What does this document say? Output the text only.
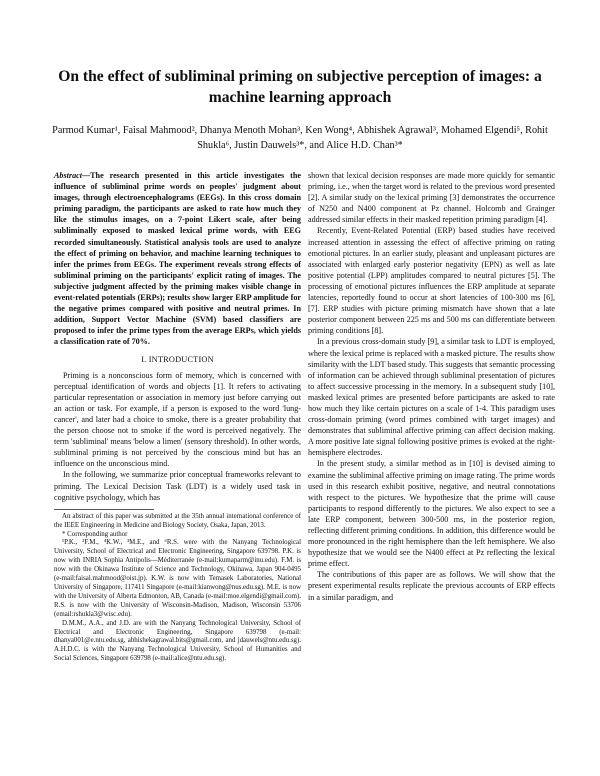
On the effect of subliminal priming on subjective perception of images: a machine learning approach
Parmod Kumar¹, Faisal Mahmood², Dhanya Menoth Mohan³, Ken Wong⁴, Abhishek Agrawal³, Mohamed Elgendi⁵, Rohit Shukla⁶, Justin Dauwels³*, and Alice H.D. Chan³*

Abstract—The research presented in this article investigates the influence of subliminal prime words on peoples' judgment about images, through electroencephalograms (EEGs). In this cross domain priming paradigm, the participants are asked to rate how much they like the stimulus images, on a 7-point Likert scale, after being subliminally exposed to masked lexical prime words, with EEG recorded simultaneously. Statistical analysis tools are used to analyze the effect of priming on behavior, and machine learning techniques to infer the primes from EEGs. The experiment reveals strong effects of subliminal priming on the participants' explicit rating of images. The subjective judgment affected by the priming makes visible change in event-related potentials (ERPs); results show larger ERP amplitude for the negative primes compared with positive and neutral primes. In addition, Support Vector Machine (SVM) based classifiers are proposed to infer the prime types from the average ERPs, which yields a classification rate of 70%.

I. INTRODUCTION

Priming is a nonconscious form of memory, which is concerned with perceptual identification of words and objects [1]. It refers to activating particular representation or association in memory just before carrying out an action or task. For example, if a person is exposed to the word 'lung-cancer', and later had a choice to smoke, there is a greater probability that the person choose not to smoke if the word is perceived negatively. The term 'subliminal' means 'below a limen' (sensory threshold). In other words, subliminal priming is not perceived by the conscious mind but has an influence on the unconscious mind.

In the following, we summarize prior conceptual frameworks relevant to priming. The Lexical Decision Task (LDT) is a widely used task in cognitive psychology, which has

An abstract of this paper was submitted at the 35th annual international conference of the IEEE Engineering in Medicine and Biology Society, Osaka, Japan, 2013.

* Corresponding author

¹P.K., ²F.M., ⁴K.W., ³M.E., and ⁶R.S. were with the Nanyang Technological University, School of Electrical and Electronic Engineering, Singapore 639798. P.K. is now with INRIA Sophia Antipolis—Méditerranée (e-mail:kumaparm@inu.edu). F.M. is now with the Okinawa Institute of Science and Technology, Okinawa, Japan 904-0495 (e-mail:faisal.mahmood@oist.jp). K.W. is now with Temasek Laboratories, National University of Singapore, 117411 Singapore (e-mail:kianwong@nus.edu.sg). M.E. is now with the University of Alberta Edmonton, AB, Canada (e-mail:moe.elgendi@gmail.com). R.S. is now with the University of Wisconsin-Madison, Madison, Wisconsin 53706 (email:rshukla3@wisc.edu).

D.M.M., A.A., and J.D. are with the Nanyang Technological University, School of Electrical and Electronic Engineering, Singapore 639798 (e-mail: dhanya001@e.ntu.edu.sg, abhishekagrawal.bits@gmail.com, and jdauwels@ntu.edu.sg). A.H.D.C. is with the Nanyang Technological University, School of Humanities and Social Sciences, Singapore 639798 (e-mail:alice@ntu.edu.sg).

shown that lexical decision responses are made more quickly for semantic priming, i.e., when the target word is related to the previous word presented [2]. A similar study on the lexical priming [3] demonstrates the occurrence of N250 and N400 component at Pz channel. Holcomb and Grainger addressed similar effects in their masked repetition priming paradigm [4].

Recently, Event-Related Potential (ERP) based studies have received increased attention in assessing the effect of affective priming on rating emotional pictures. In an earlier study, pleasant and unpleasant pictures are associated with enlarged early posterior negativity (EPN) as well as late positive potential (LPP) amplitudes compared to neutral pictures [5]. The processing of emotional pictures influences the ERP amplitude at separate latencies, reportedly found to occur at short latencies of 100-300 ms [6], [7]. ERP studies with picture priming mismatch have shown that a late posterior component between 225 ms and 500 ms can differentiate between priming conditions [8].

In a previous cross-domain study [9], a similar task to LDT is employed, where the lexical prime is replaced with a masked picture. The results show similarity with the LDT based study. This suggests that semantic processing of information can be achieved through subliminal presentation of pictures to affect successive processing in the memory. In a subsequent study [10], masked lexical primes are presented before participants are asked to rate how much they like certain pictures on a scale of 1-4. This paradigm uses cross-domain priming (word primes combined with target images) and demonstrates that subliminal affective priming can affect decision making. A more positive late signal following positive primes is evoked at the right-hemisphere electrodes.

In the present study, a similar method as in [10] is devised aiming to examine the subliminal affective priming on image rating. The prime words used in this research exhibit positive, negative, and neutral connotations with respect to the pictures. We hypothesize that the prime will cause participants to respond differently to the pictures. We also expect to see a late ERP component, between 300-500 ms, in the posterior region, reflecting different priming conditions. In addition, this difference would be more pronounced in the right hemisphere than the left hemisphere. We also hypothesize that we would see the N400 effect at Pz reflecting the lexical prime effect.

The contributions of this paper are as follows. We will show that the present experimental results replicate the previous accounts of ERP effects in a similar paradigm, and
